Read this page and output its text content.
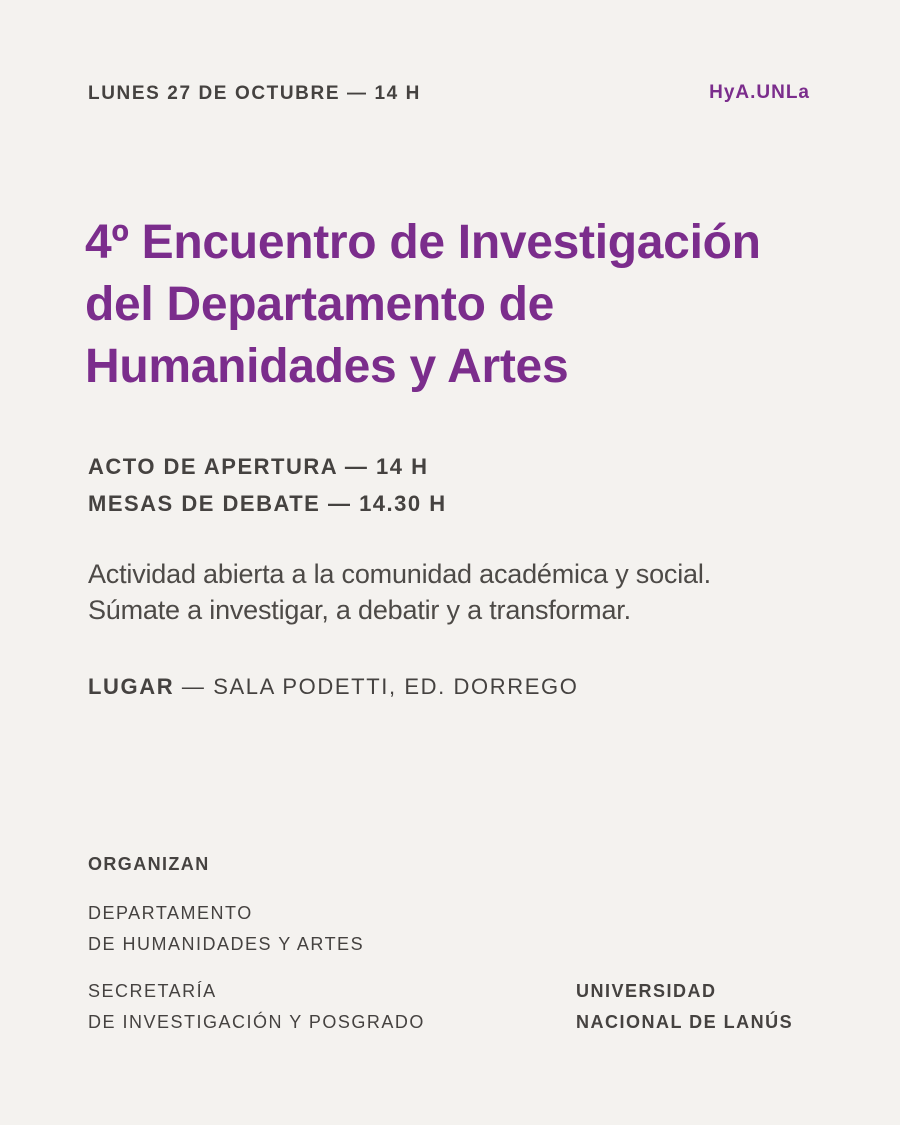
LUNES 27 DE OCTUBRE — 14 H	HyA.UNLa
4º Encuentro de Investigación
del Departamento de
Humanidades y Artes
ACTO DE APERTURA — 14 H
MESAS DE DEBATE — 14.30 H
Actividad abierta a la comunidad académica y social.
Súmate a investigar, a debatir y a transformar.
LUGAR — SALA PODETTI, ED. DORREGO
ORGANIZAN
DEPARTAMENTO
DE HUMANIDADES Y ARTES
SECRETARÍA
DE INVESTIGACIÓN Y POSGRADO
UNIVERSIDAD
NACIONAL DE LANÚS
